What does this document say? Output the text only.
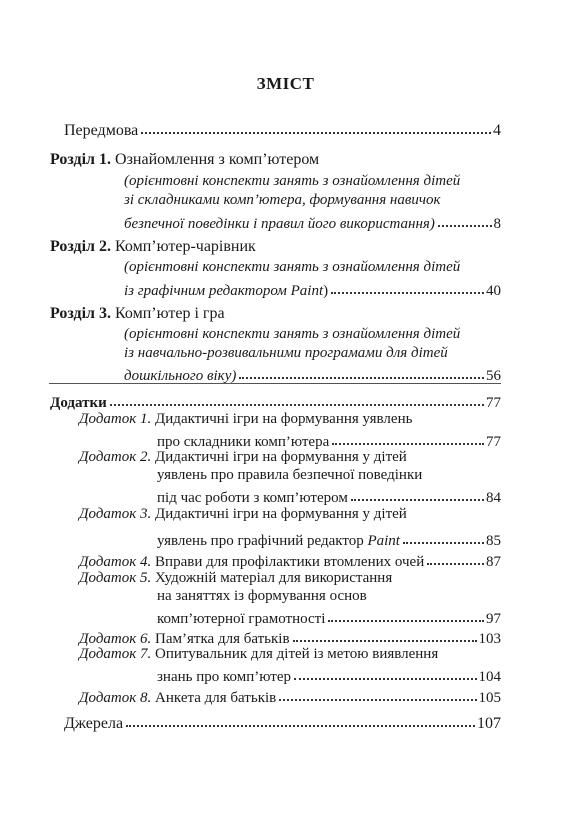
ЗМІСТ
Передмова	4
Розділ 1. Ознайомлення з комп’ютером
(орієнтовні конспекти занять з ознайомлення дітей
зі складниками комп’ютера, формування навичок
безпечної поведінки і правил його використання)	8
Розділ 2. Комп’ютер-чарівник
(орієнтовні конспекти занять з ознайомлення дітей
із графічним редактором Paint)	40
Розділ 3. Комп’ютер і гра
(орієнтовні конспекти занять з ознайомлення дітей
із навчально-розвивальними програмами для дітей
дошкільного віку)	56
Додатки	77
Додаток 1. Дидактичні ігри на формування уявлень
про складники комп’ютера	77
Додаток 2. Дидактичні ігри на формування у дітей
уявлень про правила безпечної поведінки
під час роботи з комп’ютером	84
Додаток 3. Дидактичні ігри на формування у дітей
уявлень про графічний редактор Paint	85
Додаток 4. Вправи для профілактики втомлених очей	87
Додаток 5. Художній матеріал для використання
на заняттях із формування основ
комп’ютерної грамотності	97
Додаток 6. Пам’ятка для батьків	103
Додаток 7. Опитувальник для дітей із метою виявлення
знань про комп’ютер	104
Додаток 8. Анкета для батьків	105
Джерела	107
